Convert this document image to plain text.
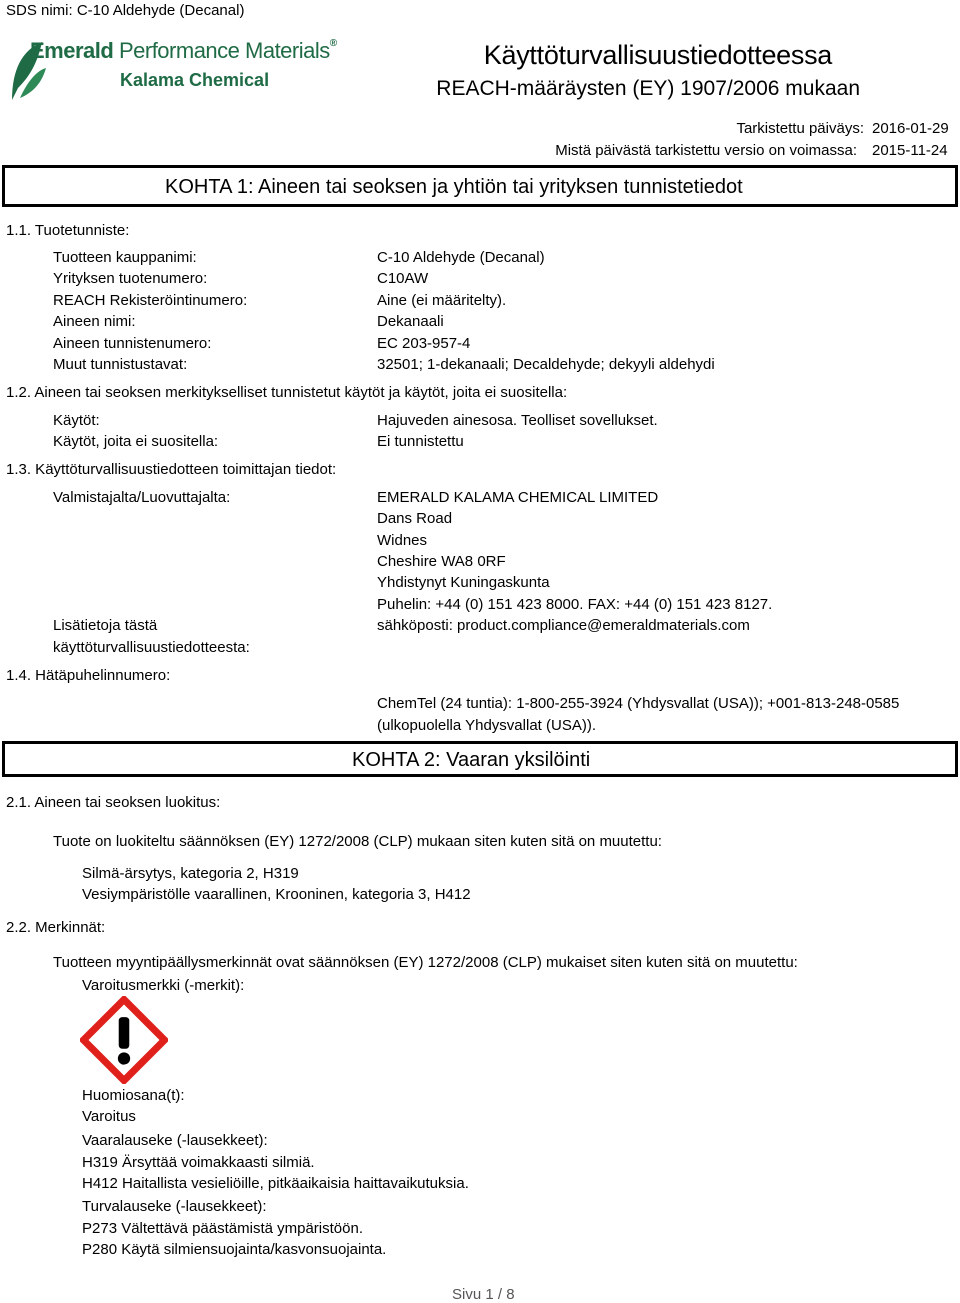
SDS nimi: C-10 Aldehyde (Decanal)
Emerald Performance Materials®
Kalama Chemical
Käyttöturvallisuustiedotteessa
REACH-määräysten (EY) 1907/2006 mukaan
Tarkistettu päiväys: 2016-01-29
Mistä päivästä tarkistettu versio on voimassa: 2015-11-24
KOHTA 1: Aineen tai seoksen ja yhtiön tai yrityksen tunnistetiedot
1.1. Tuotetunniste:
Tuotteen kauppanimi:	C-10 Aldehyde (Decanal)
Yrityksen tuotenumero:	C10AW
REACH Rekisteröintinumero:	Aine (ei määritelty).
Aineen nimi:	Dekanaali
Aineen tunnistenumero:	EC 203-957-4
Muut tunnistustavat:	32501; 1-dekanaali; Decaldehyde; dekyyli aldehydi
1.2. Aineen tai seoksen merkitykselliset tunnistetut käytöt ja käytöt, joita ei suositella:
Käytöt:	Hajuveden ainesosa. Teolliset sovellukset.
Käytöt, joita ei suositella:	Ei tunnistettu
1.3. Käyttöturvallisuustiedotteen toimittajan tiedot:
Valmistajalta/Luovuttajalta:	EMERALD KALAMA CHEMICAL LIMITED
Dans Road
Widnes
Cheshire WA8 0RF
Yhdistynyt Kuningaskunta
Puhelin: +44 (0) 151 423 8000. FAX: +44 (0) 151 423 8127.
Lisätietoja tästä	sähköposti: product.compliance@emeraldmaterials.com
käyttöturvallisuustiedotteesta:
1.4. Hätäpuhelinnumero:
ChemTel (24 tuntia): 1-800-255-3924 (Yhdysvallat (USA)); +001-813-248-0585
(ulkopuolella Yhdysvallat (USA)).
KOHTA 2: Vaaran yksilöinti
2.1. Aineen tai seoksen luokitus:
Tuote on luokiteltu säännöksen (EY) 1272/2008 (CLP) mukaan siten kuten sitä on muutettu:
Silmä-ärsytys, kategoria 2, H319
Vesiympäristölle vaarallinen, Krooninen, kategoria 3, H412
2.2. Merkinnät:
Tuotteen myyntipäällysmerkinnät ovat säännöksen (EY) 1272/2008 (CLP) mukaiset siten kuten sitä on muutettu:
Varoitusmerkki (-merkit):
Huomiosana(t):
Varoitus
Vaaralauseke (-lausekkeet):
H319 Ärsyttää voimakkaasti silmiä.
H412 Haitallista vesieliöille, pitkäaikaisia haittavaikutuksia.
Turvalauseke (-lausekkeet):
P273 Vältettävä päästämistä ympäristöön.
P280 Käytä silmiensuojainta/kasvonsuojainta.
Sivu 1 / 8
